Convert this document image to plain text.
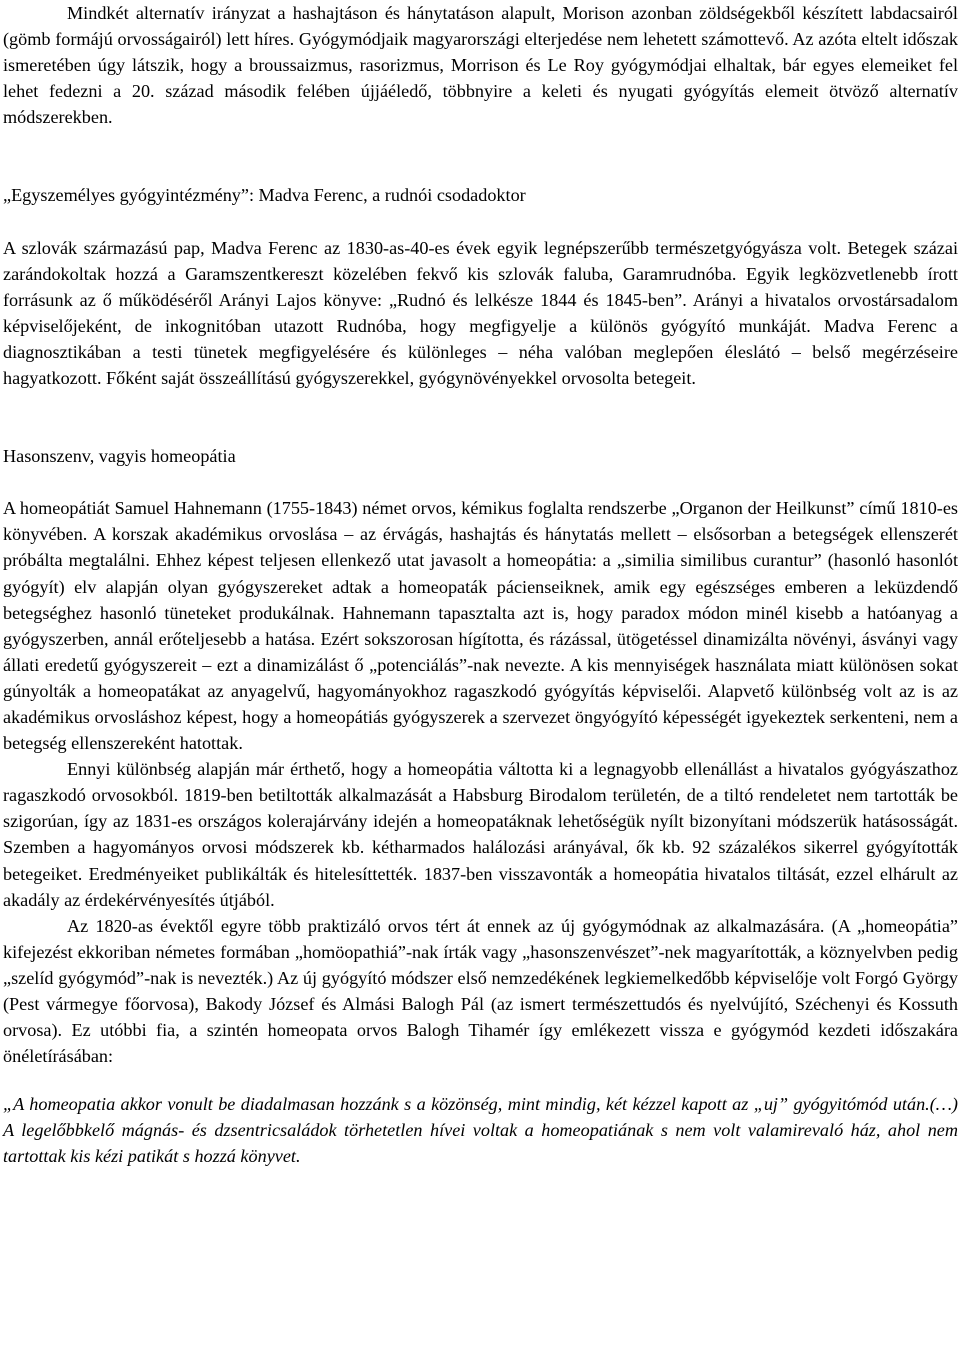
Mindkét alternatív irányzat a hashajtáson és hánytatáson alapult, Morison azonban zöldségekből készített labdacsairól (gömb formájú orvosságairól) lett híres. Gyógymódjaik magyarországi elterjedése nem lehetett számottevő. Az azóta eltelt időszak ismeretében úgy látszik, hogy a broussaizmus, rasorizmus, Morrison és Le Roy gyógymódjai elhaltak, bár egyes elemeiket fel lehet fedezni a 20. század második felében újjáéledő, többnyire a keleti és nyugati gyógyítás elemeit ötvöző alternatív módszerekben.

„Egyszemélyes gyógyintézmény”: Madva Ferenc, a rudnói csodadoktor

A szlovák származású pap, Madva Ferenc az 1830-as-40-es évek egyik legnépszerűbb természetgyógyásza volt. Betegek százai zarándokoltak hozzá a Garamszentkereszt közelében fekvő kis szlovák faluba, Garamrudnóba. Egyik legközvetlenebb írott forrásunk az ő működéséről Arányi Lajos könyve: „Rudnó és lelkésze 1844 és 1845-ben”. Arányi a hivatalos orvostársadalom képviselőjeként, de inkognitóban utazott Rudnóba, hogy megfigyelje a különös gyógyító munkáját. Madva Ferenc a diagnosztikában a testi tünetek megfigyelésére és különleges – néha valóban meglepően éleslátó – belső megérzéseire hagyatkozott. Főként saját összeállítású gyógyszerekkel, gyógynövényekkel orvosolta betegeit.

Hasonszenv, vagyis homeopátia

A homeopátiát Samuel Hahnemann (1755-1843) német orvos, kémikus foglalta rendszerbe „Organon der Heilkunst” című 1810-es könyvében. A korszak akadémikus orvoslása – az érvágás, hashajtás és hánytatás mellett – elsősorban a betegségek ellenszerét próbálta megtalálni. Ehhez képest teljesen ellenkező utat javasolt a homeopátia: a „similia similibus curantur” (hasonló hasonlót gyógyít) elv alapján olyan gyógyszereket adtak a homeopaták pácienseiknek, amik egy egészséges emberen a leküzdendő betegséghez hasonló tüneteket produkálnak. Hahnemann tapasztalta azt is, hogy paradox módon minél kisebb a hatóanyag a gyógyszerben, annál erőteljesebb a hatása. Ezért sokszorosan hígította, és rázással, ütögetéssel dinamizálta növényi, ásványi vagy állati eredetű gyógyszereit – ezt a dinamizálást ő „potenciálás”-nak nevezte. A kis mennyiségek használata miatt különösen sokat gúnyolták a homeopatákat az anyagelvű, hagyományokhoz ragaszkodó gyógyítás képviselői. Alapvető különbség volt az is az akadémikus orvosláshoz képest, hogy a homeopátiás gyógyszerek a szervezet öngyógyító képességét igyekeztek serkenteni, nem a betegség ellenszereként hatottak.

Ennyi különbség alapján már érthető, hogy a homeopátia váltotta ki a legnagyobb ellenállást a hivatalos gyógyászathoz ragaszkodó orvosokból. 1819-ben betiltották alkalmazását a Habsburg Birodalom területén, de a tiltó rendeletet nem tartották be szigorúan, így az 1831-es országos kolerajárvány idején a homeopatáknak lehetőségük nyílt bizonyítani módszerük hatásosságát. Szemben a hagyományos orvosi módszerek kb. kétharmados halálozási arányával, ők kb. 92 százalékos sikerrel gyógyították betegeiket. Eredményeiket publikálták és hitelesíttették. 1837-ben visszavonták a homeopátia hivatalos tiltását, ezzel elhárult az akadály az érdekérvényesítés útjából.

Az 1820-as évektől egyre több praktizáló orvos tért át ennek az új gyógymódnak az alkalmazására. (A „homeopátia” kifejezést ekkoriban németes formában „homöopathiá”-nak írták vagy „hasonszenvészet”-nek magyarították, a köznyelvben pedig „szelíd gyógymód”-nak is nevezték.) Az új gyógyító módszer első nemzedékének legkiemelkedőbb képviselője volt Forgó György (Pest vármegye főorvosa), Bakody József és Almási Balogh Pál (az ismert természettudós és nyelvújító, Széchenyi és Kossuth orvosa). Ez utóbbi fia, a szintén homeopata orvos Balogh Tihamér így emlékezett vissza e gyógymód kezdeti időszakára önéletírásában:

„A homeopatia akkor vonult be diadalmasan hozzánk s a közönség, mint mindig, két kézzel kapott az „uj” gyógyitómód után.(…) A legelőbbkelő mágnás- és dzsentricsaládok törhetetlen hívei voltak a homeopatiának s nem volt valamirevaló ház, ahol nem tartottak kis kézi patikát s hozzá könyvet.
